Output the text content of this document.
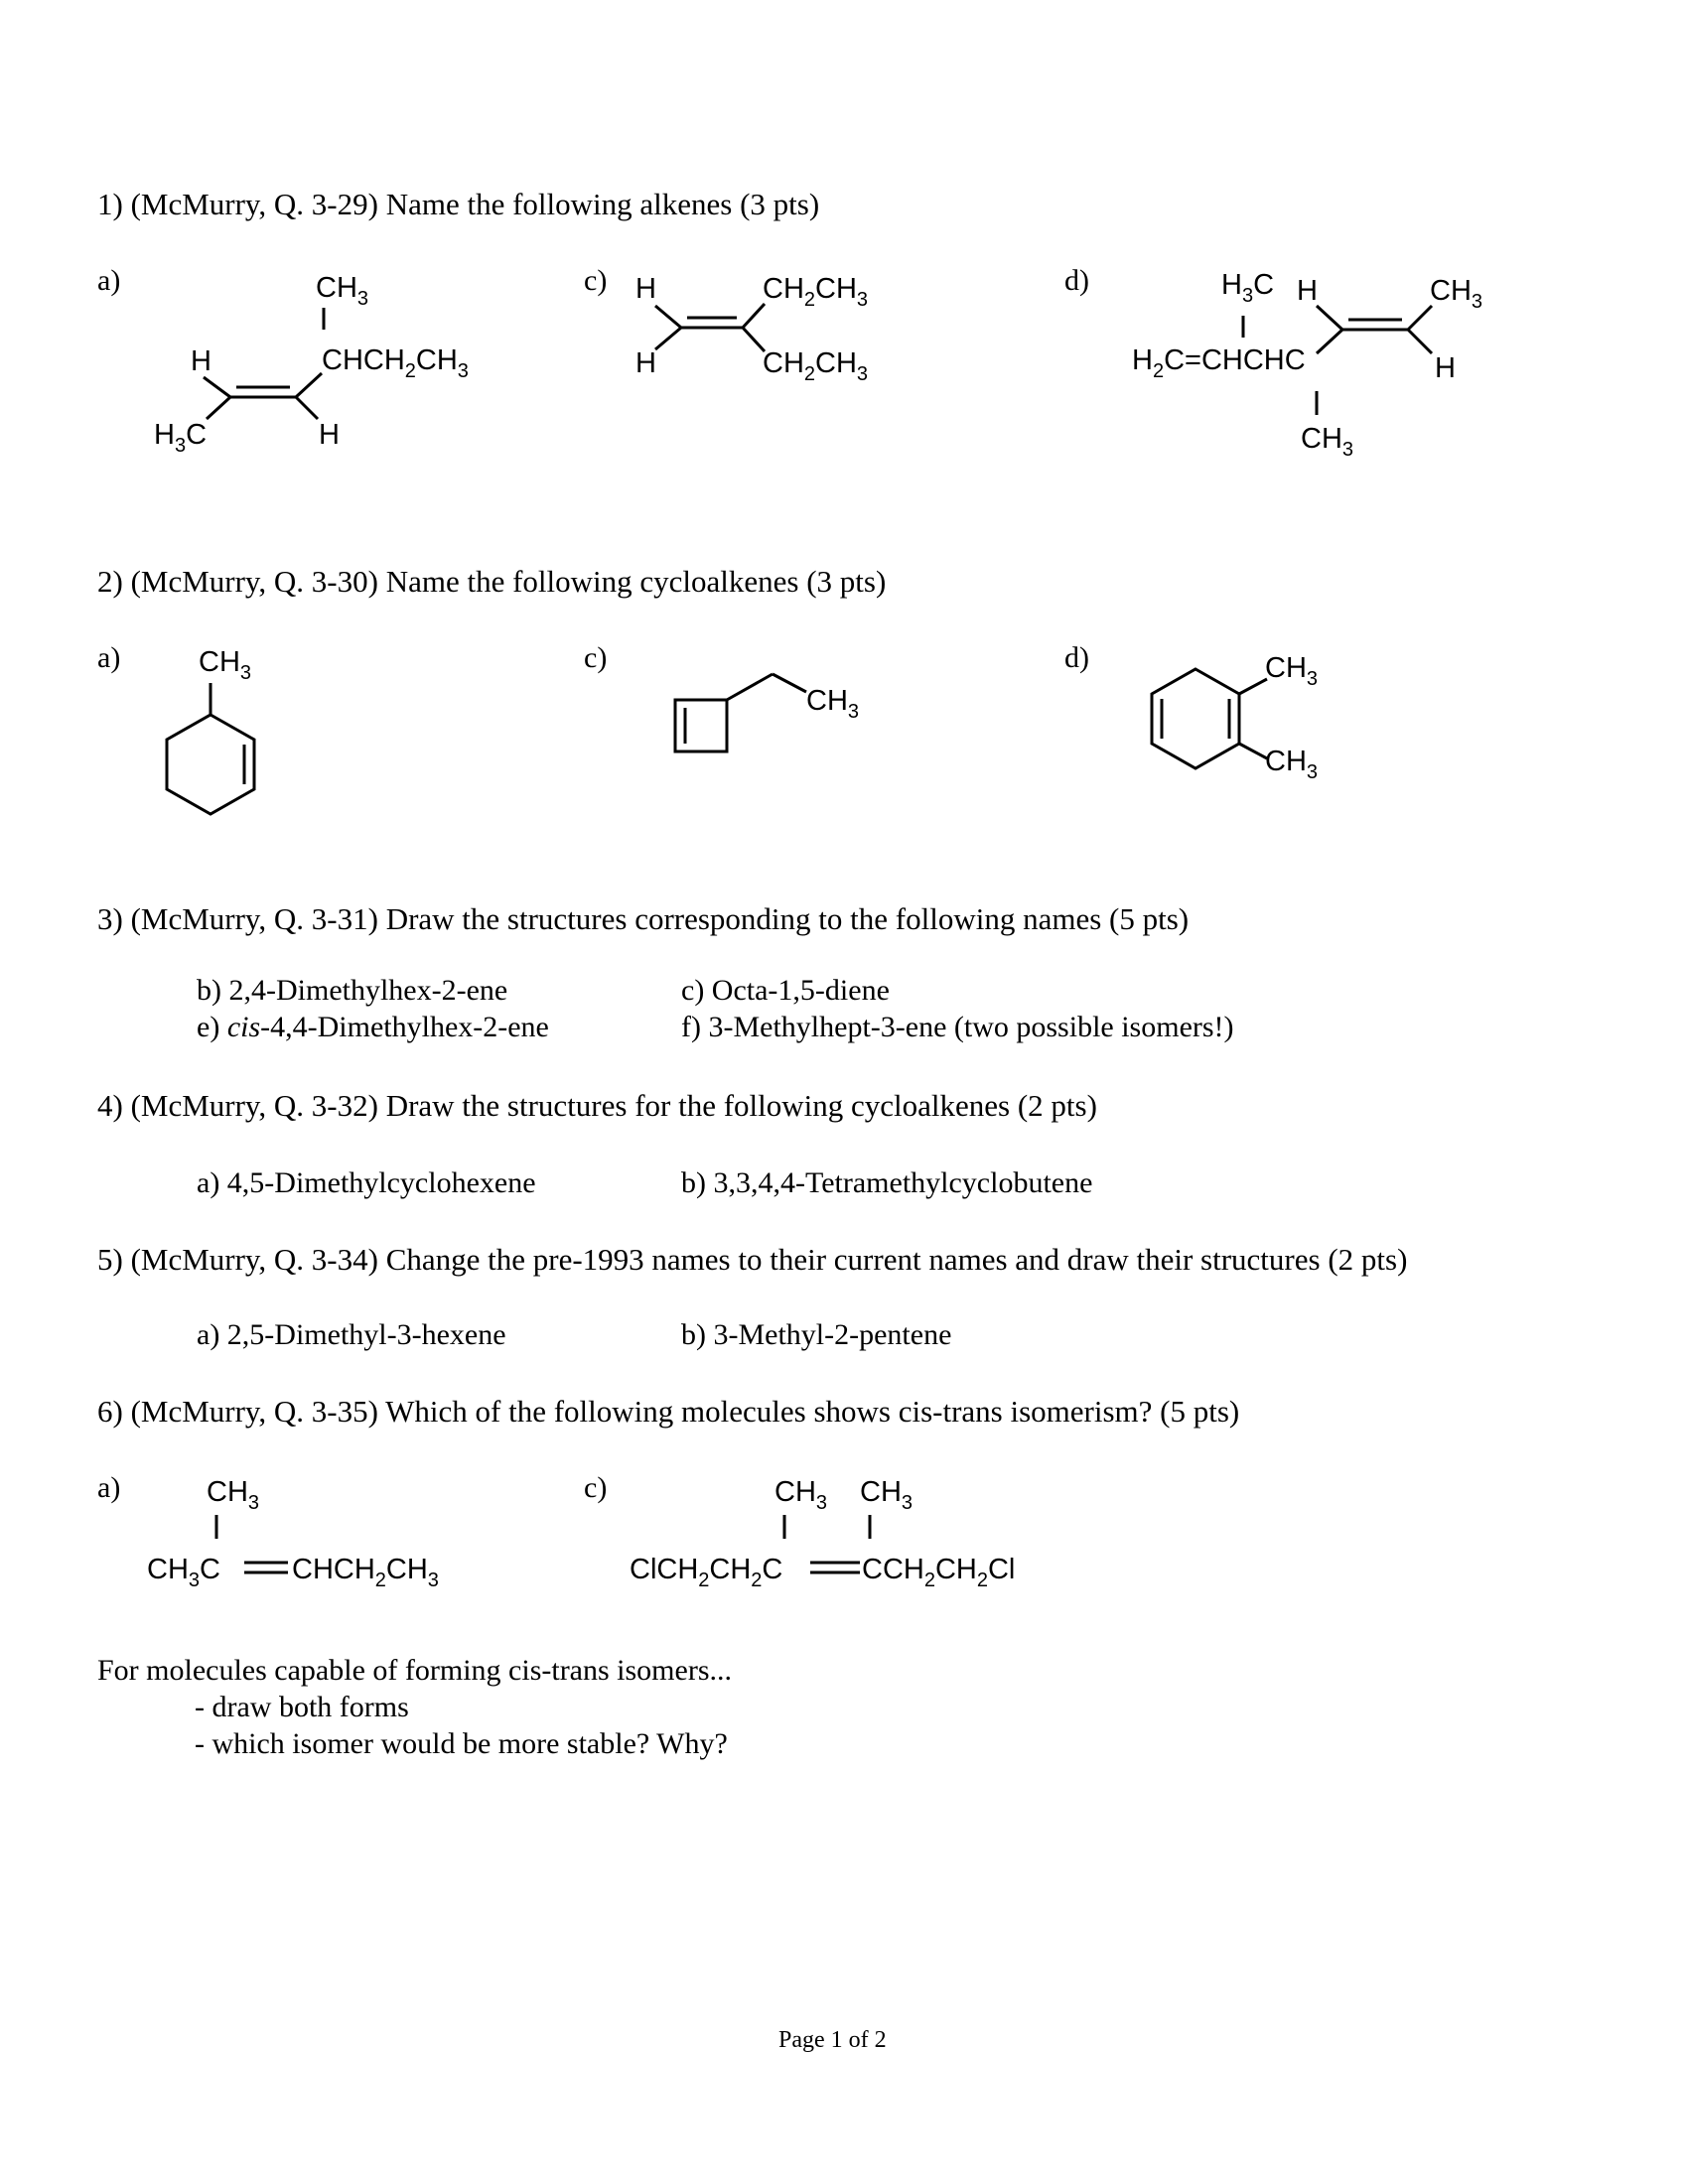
1) (McMurry, Q. 3-29) Name the following alkenes (3 pts)
a)	c)	d)
$CH_3$
$CHCH_2CH_3$
H
$H_3C$	H
H
H
$CH_2CH_3$
$CH_2CH_3$
$H_3C$ H
$H_2C=CHCHC$
$CH_3$
H
$CH_3$
2) (McMurry, Q. 3-30) Name the following cycloalkenes (3 pts)
a)	c)	d)
$CH_3$
$CH_3$
$CH_3$
$CH_3$
3) (McMurry, Q. 3-31) Draw the structures corresponding to the following names (5 pts)
b) 2,4-Dimethylhex-2-ene	c) Octa-1,5-diene
e) cis-4,4-Dimethylhex-2-ene	f) 3-Methylhept-3-ene (two possible isomers!)
4) (McMurry, Q. 3-32) Draw the structures for the following cycloalkenes (2 pts)
a) 4,5-Dimethylcyclohexene	b) 3,3,4,4-Tetramethylcyclobutene
5) (McMurry, Q. 3-34) Change the pre-1993 names to their current names and draw their structures (2 pts)
a) 2,5-Dimethyl-3-hexene	b) 3-Methyl-2-pentene
6) (McMurry, Q. 3-35) Which of the following molecules shows cis-trans isomerism? (5 pts)
a)	c)
$CH_3$
$CH_3C$ $CHCH_2CH_3$
$CH_3$ $CH_3$
$ClCH_2CH_2C$	$CCH_2CH_2Cl$
For molecules capable of forming cis-trans isomers...
- draw both forms
- which isomer would be more stable? Why?
Page 1 of 2
